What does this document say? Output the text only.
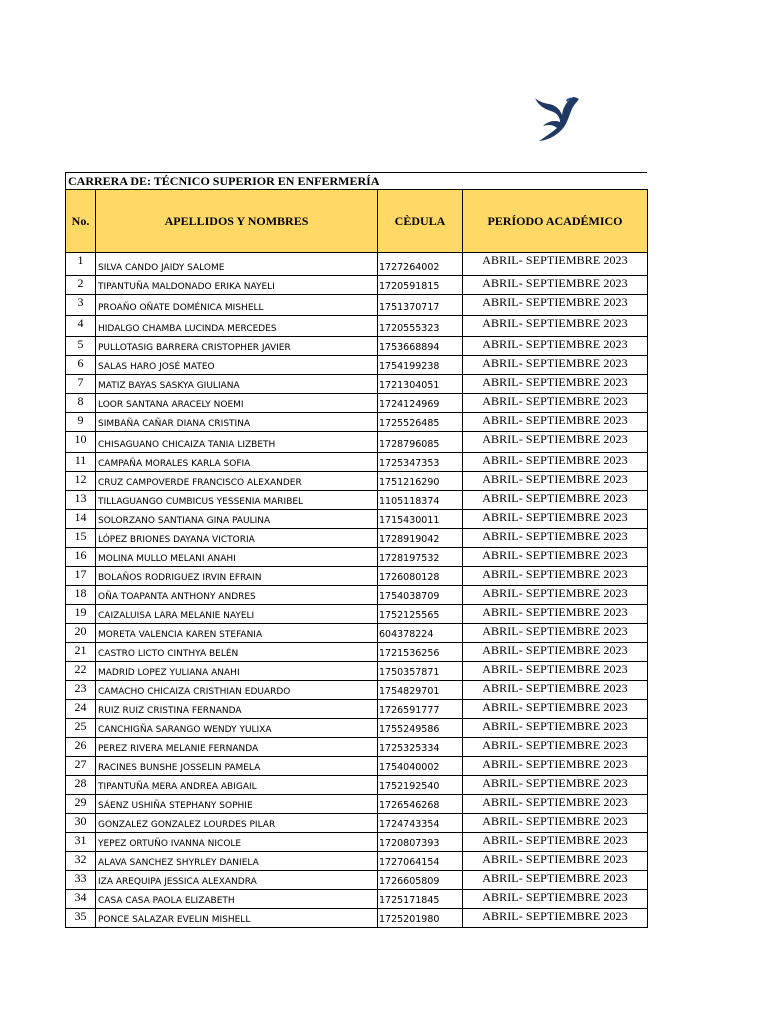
CARRERA DE: TÉCNICO SUPERIOR EN ENFERMERÍA
No.	APELLIDOS Y NOMBRES	CÈDULA	PERÍODO ACADÉMICO
1	SILVA CANDO JAIDY SALOME	1727264002	ABRIL- SEPTIEMBRE 2023
2	TIPANTUÑA MALDONADO ERIKA NAYELI	1720591815	ABRIL- SEPTIEMBRE 2023
3	PROAÑO OÑATE DOMÉNICA MISHELL	1751370717	ABRIL- SEPTIEMBRE 2023
4	HIDALGO CHAMBA LUCINDA MERCEDES	1720555323	ABRIL- SEPTIEMBRE 2023
5	PULLOTASIG BARRERA CRISTOPHER JAVIER	1753668894	ABRIL- SEPTIEMBRE 2023
6	SALAS HARO JOSÉ MATEO	1754199238	ABRIL- SEPTIEMBRE 2023
7	MATIZ BAYAS SASKYA GIULIANA	1721304051	ABRIL- SEPTIEMBRE 2023
8	LOOR SANTANA ARACELY NOEMI	1724124969	ABRIL- SEPTIEMBRE 2023
9	SIMBAÑA CAÑAR DIANA CRISTINA	1725526485	ABRIL- SEPTIEMBRE 2023
10	CHISAGUANO CHICAIZA TANIA LIZBETH	1728796085	ABRIL- SEPTIEMBRE 2023
11	CAMPAÑA MORALES KARLA SOFIA	1725347353	ABRIL- SEPTIEMBRE 2023
12	CRUZ CAMPOVERDE FRANCISCO ALEXANDER	1751216290	ABRIL- SEPTIEMBRE 2023
13	TILLAGUANGO CUMBICUS YESSENIA MARIBEL	1105118374	ABRIL- SEPTIEMBRE 2023
14	SOLORZANO SANTIANA GINA PAULINA	1715430011	ABRIL- SEPTIEMBRE 2023
15	LÓPEZ BRIONES DAYANA VICTORIA	1728919042	ABRIL- SEPTIEMBRE 2023
16	MOLINA MULLO MELANI ANAHI	1728197532	ABRIL- SEPTIEMBRE 2023
17	BOLAÑOS RODRIGUEZ IRVIN EFRAIN	1726080128	ABRIL- SEPTIEMBRE 2023
18	OÑA TOAPANTA ANTHONY ANDRES	1754038709	ABRIL- SEPTIEMBRE 2023
19	CAIZALUISA LARA MELANIE NAYELI	1752125565	ABRIL- SEPTIEMBRE 2023
20	MORETA VALENCIA KAREN STEFANIA	604378224	ABRIL- SEPTIEMBRE 2023
21	CASTRO LICTO CINTHYA BELÉN	1721536256	ABRIL- SEPTIEMBRE 2023
22	MADRID LOPEZ YULIANA ANAHI	1750357871	ABRIL- SEPTIEMBRE 2023
23	CAMACHO CHICAIZA CRISTHIAN EDUARDO	1754829701	ABRIL- SEPTIEMBRE 2023
24	RUIZ RUIZ CRISTINA FERNANDA	1726591777	ABRIL- SEPTIEMBRE 2023
25	CANCHIGÑA SARANGO WENDY YULIXA	1755249586	ABRIL- SEPTIEMBRE 2023
26	PEREZ RIVERA MELANIE FERNANDA	1725325334	ABRIL- SEPTIEMBRE 2023
27	RACINES BUNSHE JOSSELIN PAMELA	1754040002	ABRIL- SEPTIEMBRE 2023
28	TIPANTUÑA MERA ANDREA ABIGAIL	1752192540	ABRIL- SEPTIEMBRE 2023
29	SÁENZ USHIÑA STEPHANY SOPHIE	1726546268	ABRIL- SEPTIEMBRE 2023
30	GONZALEZ GONZALEZ LOURDES PILAR	1724743354	ABRIL- SEPTIEMBRE 2023
31	YEPEZ ORTUÑO IVANNA NICOLE	1720807393	ABRIL- SEPTIEMBRE 2023
32	ALAVA SANCHEZ SHYRLEY DANIELA	1727064154	ABRIL- SEPTIEMBRE 2023
33	IZA AREQUIPA JESSICA ALEXANDRA	1726605809	ABRIL- SEPTIEMBRE 2023
34	CASA CASA PAOLA ELIZABETH	1725171845	ABRIL- SEPTIEMBRE 2023
35	PONCE SALAZAR EVELIN MISHELL	1725201980	ABRIL- SEPTIEMBRE 2023
